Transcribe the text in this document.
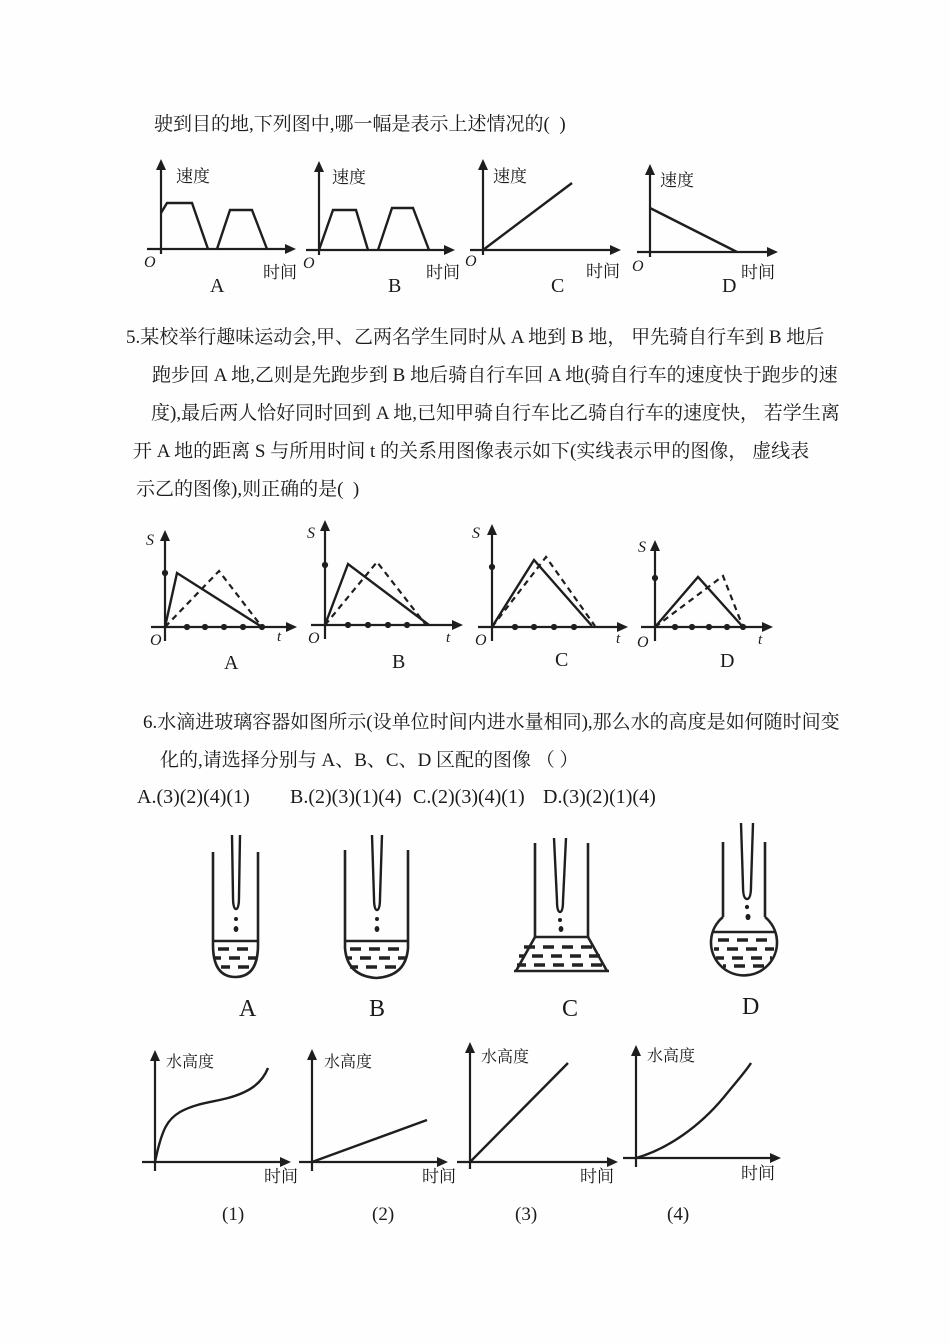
驶到目的地,下列图中,哪一幅是表示上述情况的(  )
5.某校举行趣味运动会,甲、乙两名学生同时从 A 地到 B 地， 甲先骑自行车到 B 地后
跑步回 A 地,乙则是先跑步到 B 地后骑自行车回 A 地(骑自行车的速度快于跑步的速
度),最后两人恰好同时回到 A 地,已知甲骑自行车比乙骑自行车的速度快， 若学生离
开 A 地的距离 S 与所用时间 t 的关系用图像表示如下(实线表示甲的图像， 虚线表
示乙的图像),则正确的是(  )
6.水滴进玻璃容器如图所示(设单位时间内进水量相同),那么水的高度是如何随时间变
化的,请选择分别与 A、B、C、D 区配的图像 （ ）
A.(3)(2)(4)(1) B.(2)(3)(1)(4) C.(2)(3)(4)(1) D.(3)(2)(1)(4)
速度
时间
O
A
速度
时间
O
B
速度
时间
O
C
速度
时间
O
D
S
O	t
A
S
O	t
B
S
O	t
C
S
O	t
D
A	B	C	D
水高度
时间
(1)
水高度
时间
(2)
水高度
时间
(3)
水高度
时间
(4)
